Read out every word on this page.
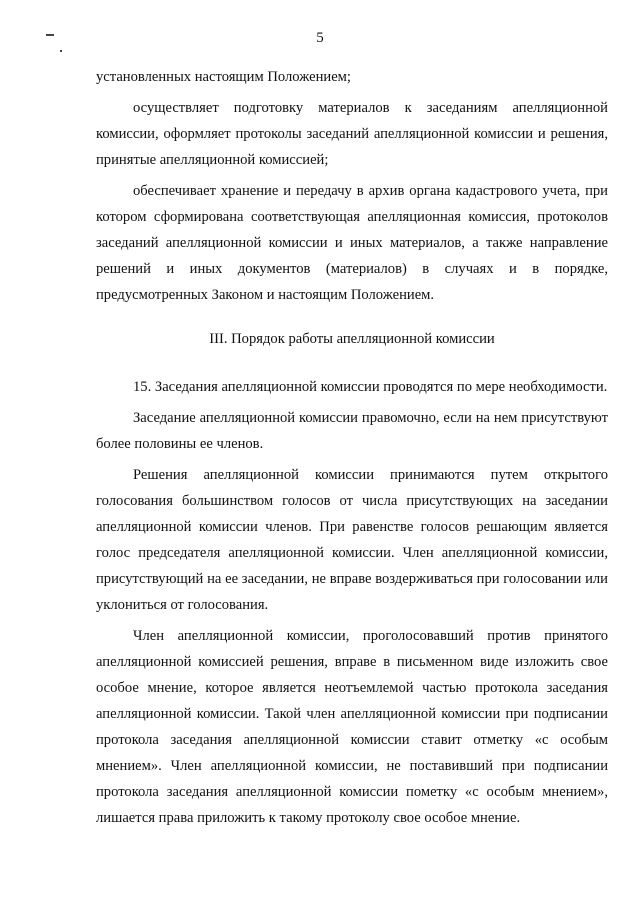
5

установленных настоящим Положением;

осуществляет подготовку материалов к заседаниям апелляционной комиссии, оформляет протоколы заседаний апелляционной комиссии и решения, принятые апелляционной комиссией;

обеспечивает хранение и передачу в архив органа кадастрового учета, при котором сформирована соответствующая апелляционная комиссия, протоколов заседаний апелляционной комиссии и иных материалов, а также направление решений и иных документов (материалов) в случаях и в порядке, предусмотренных Законом и настоящим Положением.

III. Порядок работы апелляционной комиссии

15. Заседания апелляционной комиссии проводятся по мере необходимости.

Заседание апелляционной комиссии правомочно, если на нем присутствуют более половины ее членов.

Решения апелляционной комиссии принимаются путем открытого голосования большинством голосов от числа присутствующих на заседании апелляционной комиссии членов. При равенстве голосов решающим является голос председателя апелляционной комиссии. Член апелляционной комиссии, присутствующий на ее заседании, не вправе воздерживаться при голосовании или уклониться от голосования.

Член апелляционной комиссии, проголосовавший против принятого апелляционной комиссией решения, вправе в письменном виде изложить свое особое мнение, которое является неотъемлемой частью протокола заседания апелляционной комиссии. Такой член апелляционной комиссии при подписании протокола заседания апелляционной комиссии ставит отметку «с особым мнением». Член апелляционной комиссии, не поставивший при подписании протокола заседания апелляционной комиссии пометку «с особым мнением», лишается права приложить к такому протоколу свое особое мнение.
